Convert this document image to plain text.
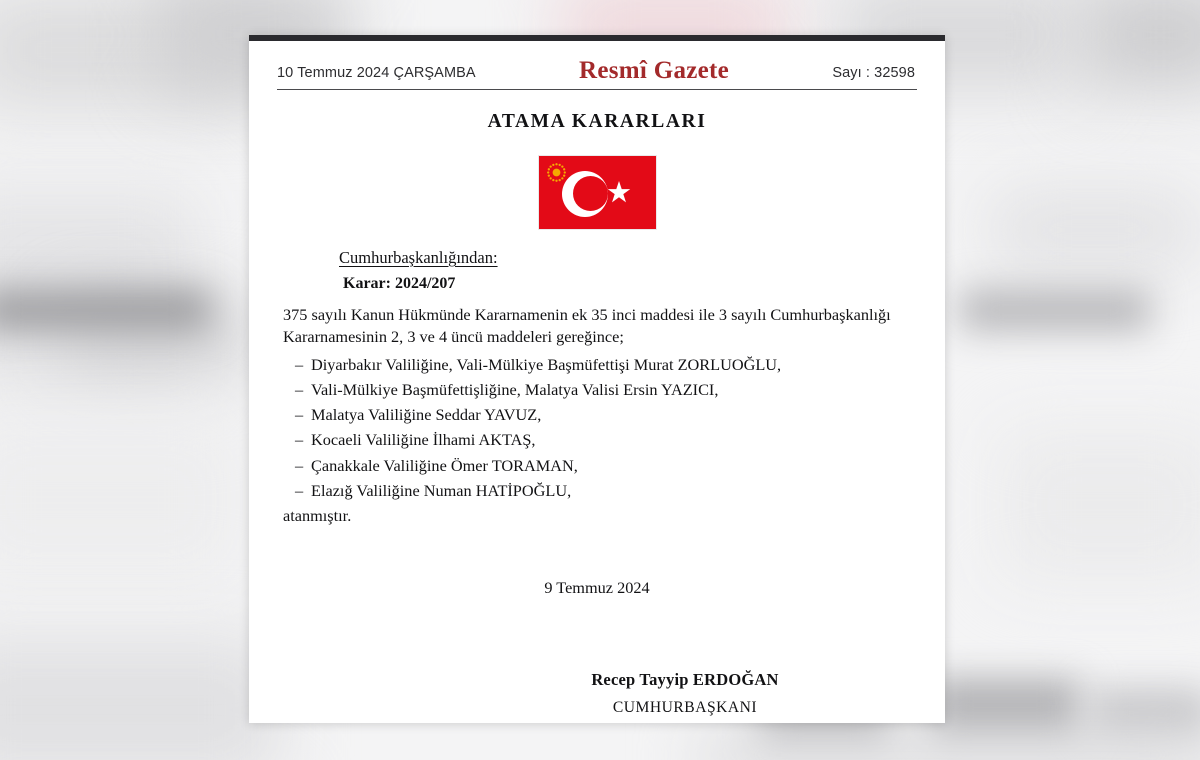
10 Temmuz 2024 ÇARŞAMBA	Resmî Gazete	Sayı : 32598
ATAMA KARARLARI
Cumhurbaşkanlığından:
Karar: 2024/207
375 sayılı Kanun Hükmünde Kararnamenin ek 35 inci maddesi ile 3 sayılı Cumhurbaşkanlığı Kararnamesinin 2, 3 ve 4 üncü maddeleri gereğince;
– Diyarbakır Valiliğine, Vali-Mülkiye Başmüfettişi Murat ZORLUOĞLU,
– Vali-Mülkiye Başmüfettişliğine, Malatya Valisi Ersin YAZICI,
– Malatya Valiliğine Seddar YAVUZ,
– Kocaeli Valiliğine İlhami AKTAŞ,
– Çanakkale Valiliğine Ömer TORAMAN,
– Elazığ Valiliğine Numan HATİPOĞLU,
atanmıştır.
9 Temmuz 2024
Recep Tayyip ERDOĞAN
CUMHURBAŞKANI
